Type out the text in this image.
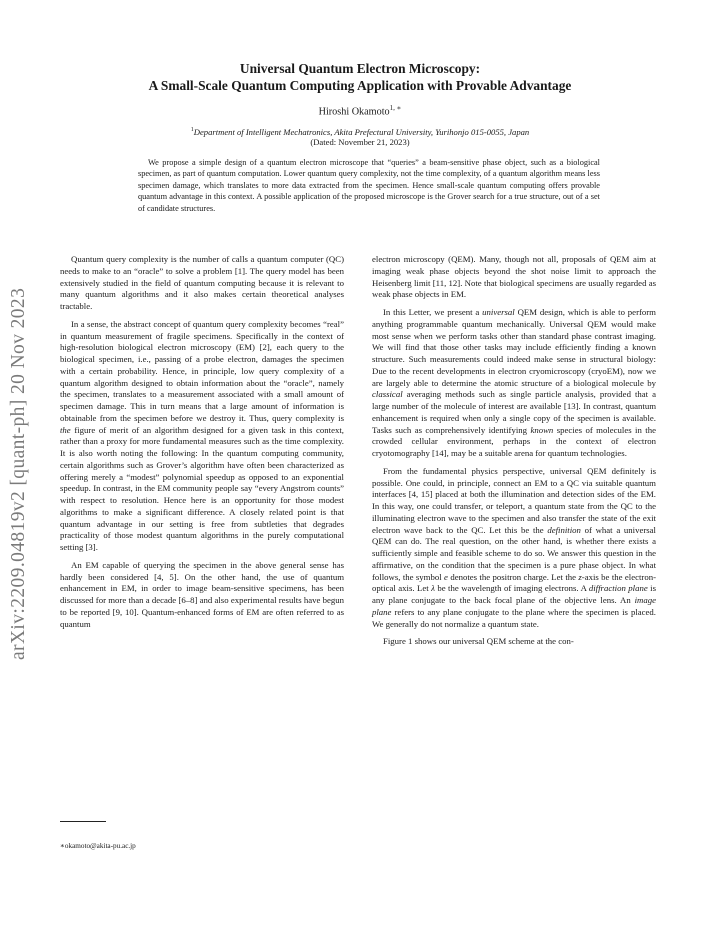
arXiv:2209.04819v2 [quant-ph] 20 Nov 2023
Universal Quantum Electron Microscopy:
A Small-Scale Quantum Computing Application with Provable Advantage
Hiroshi Okamoto$^{1, ∗}$
$^1$Department of Intelligent Mechatronics, Akita Prefectural University, Yurihonjo 015-0055, Japan
(Dated: November 21, 2023)
We propose a simple design of a quantum electron microscope that “queries” a beam-sensitive phase object, such as a biological specimen, as part of quantum computation. Lower quantum query complexity, not the time complexity, of a quantum algorithm means less specimen damage, which translates to more data extracted from the specimen. Hence small-scale quantum computing offers provable quantum advantage in this context. A possible application of the proposed microscope is the Grover search for a true structure, out of a set of candidate structures.

Quantum query complexity is the number of calls a quantum computer (QC) needs to make to an “oracle” to solve a problem [1]. The query model has been extensively studied in the field of quantum computing because it is relevant to many quantum algorithms and it also makes certain theoretical analyses tractable.

In a sense, the abstract concept of quantum query complexity becomes “real” in quantum measurement of fragile specimens. Specifically in the context of high-resolution biological electron microscopy (EM) [2], each query to the biological specimen, i.e., passing of a probe electron, damages the specimen with a certain probability. Hence, in principle, low query complexity of a quantum algorithm designed to obtain information about the “oracle”, namely the specimen, translates to a measurement associated with a small amount of specimen damage. This in turn means that a large amount of information is obtainable from the specimen before we destroy it. Thus, query complexity is the figure of merit of an algorithm designed for a given task in this context, rather than a proxy for more fundamental measures such as the time complexity. It is also worth noting the following: In the quantum computing community, certain algorithms such as Grover’s algorithm have often been characterized as offering merely a “modest” polynomial speedup as opposed to an exponential speedup. In contrast, in the EM community people say “every Angstrom counts” with respect to resolution. Hence here is an opportunity for those modest algorithms to make a significant difference. A closely related point is that quantum advantage in our setting is free from subtleties that degrades practicality of those modest quantum algorithms in the purely computational setting [3].

An EM capable of querying the specimen in the above general sense has hardly been considered [4, 5]. On the other hand, the use of quantum enhancement in EM, in order to image beam-sensitive specimens, has been discussed for more than a decade [6–8] and also experimental results have begun to be reported [9, 10]. Quantum-enhanced forms of EM are often referred to as quantum

electron microscopy (QEM). Many, though not all, proposals of QEM aim at imaging weak phase objects beyond the shot noise limit to approach the Heisenberg limit [11, 12]. Note that biological specimens are usually regarded as weak phase objects in EM.

In this Letter, we present a universal QEM design, which is able to perform anything programmable quantum mechanically. Universal QEM would make most sense when we perform tasks other than standard phase contrast imaging. We will find that those other tasks may include efficiently finding a known structure. Such measurements could indeed make sense in structural biology: Due to the recent developments in electron cryomicroscopy (cryoEM), now we are largely able to determine the atomic structure of a biological molecule by classical averaging methods such as single particle analysis, provided that a large number of the molecule of interest are available [13]. In contrast, quantum enhancement is required when only a single copy of the specimen is available. Tasks such as comprehensively identifying known species of molecules in the crowded cellular environment, perhaps in the context of electron cryotomography [14], may be a suitable arena for quantum technologies.

From the fundamental physics perspective, universal QEM definitely is possible. One could, in principle, connect an EM to a QC via suitable quantum interfaces [4, 15] placed at both the illumination and detection sides of the EM. In this way, one could transfer, or teleport, a quantum state from the QC to the illuminating electron wave to the specimen and also transfer the state of the exit electron wave back to the QC. Let this be the definition of what a universal QEM can do. The real question, on the other hand, is whether there exists a sufficiently simple and feasible scheme to do so. We answer this question in the affirmative, on the condition that the specimen is a pure phase object. In what follows, the symbol e denotes the positron charge. Let the z-axis be the electron-optical axis. Let λ be the wavelength of imaging electrons. A diffraction plane is any plane conjugate to the back focal plane of the objective lens. An image plane refers to any plane conjugate to the plane where the specimen is placed. We generally do not normalize a quantum state.

Figure 1 shows our universal QEM scheme at the con-

∗okamoto@akita-pu.ac.jp
